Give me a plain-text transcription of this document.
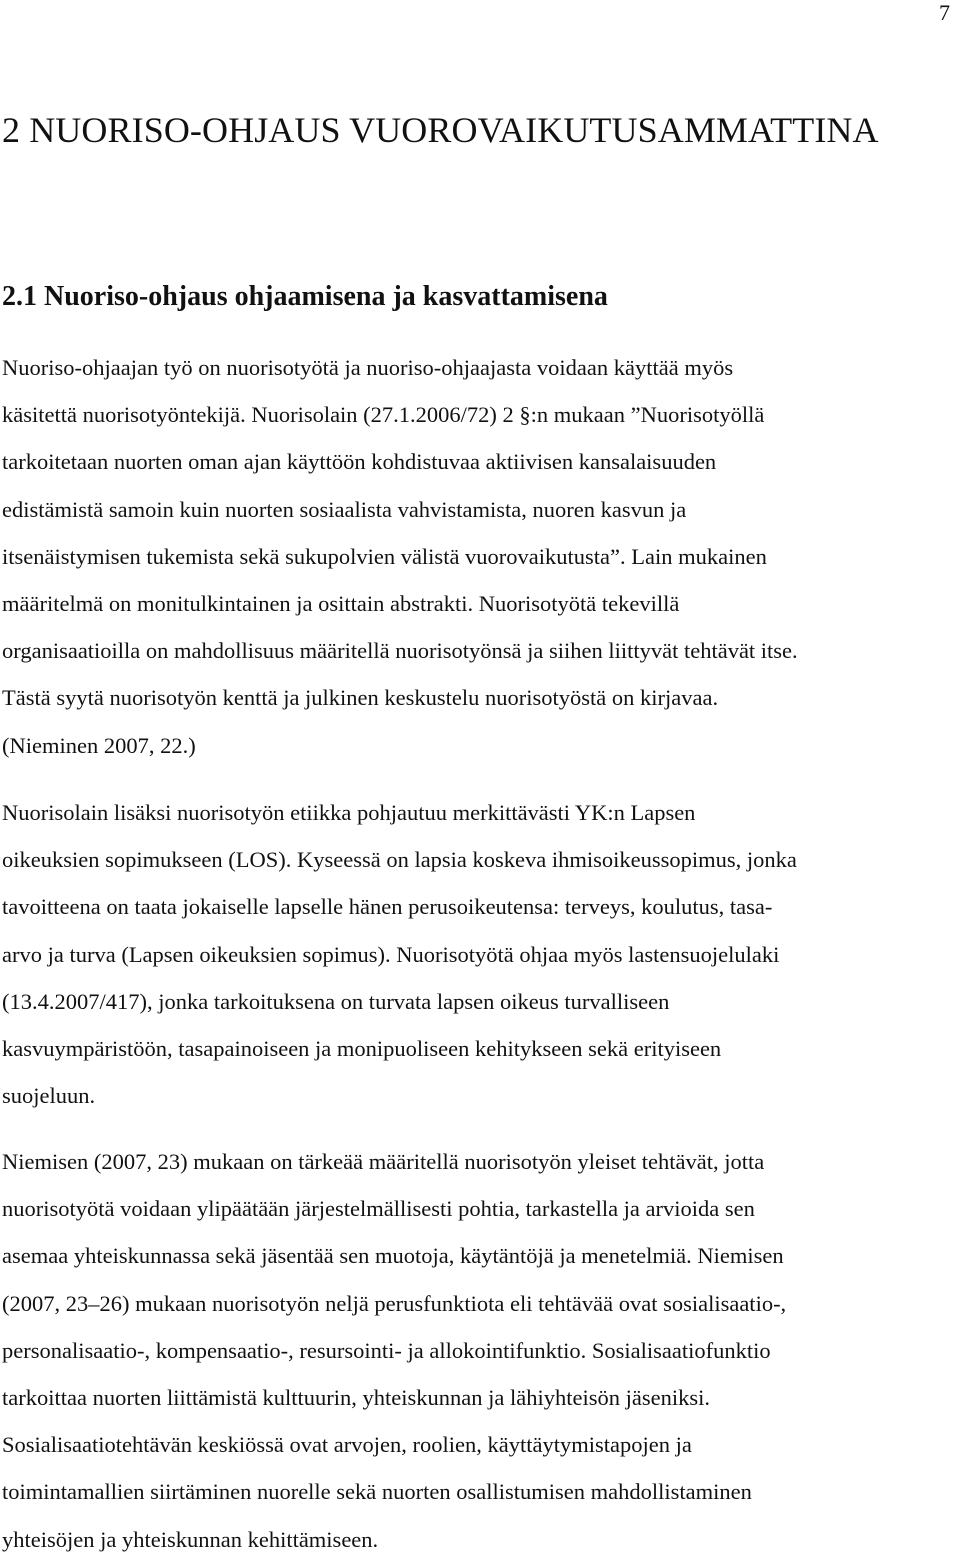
7
2 NUORISO-OHJAUS VUOROVAIKUTUSAMMATTINA
2.1 Nuoriso-ohjaus ohjaamisena ja kasvattamisena

Nuoriso-ohjaajan työ on nuorisotyötä ja nuoriso-ohjaajasta voidaan käyttää myös
käsitettä nuorisotyöntekijä. Nuorisolain (27.1.2006/72) 2 §:n mukaan ”Nuorisotyöllä
tarkoitetaan nuorten oman ajan käyttöön kohdistuvaa aktiivisen kansalaisuuden
edistämistä samoin kuin nuorten sosiaalista vahvistamista, nuoren kasvun ja
itsenäistymisen tukemista sekä sukupolvien välistä vuorovaikutusta”. Lain mukainen
määritelmä on monitulkintainen ja osittain abstrakti. Nuorisotyötä tekevillä
organisaatioilla on mahdollisuus määritellä nuorisotyönsä ja siihen liittyvät tehtävät itse.
Tästä syytä nuorisotyön kenttä ja julkinen keskustelu nuorisotyöstä on kirjavaa.
(Nieminen 2007, 22.)

Nuorisolain lisäksi nuorisotyön etiikka pohjautuu merkittävästi YK:n Lapsen
oikeuksien sopimukseen (LOS). Kyseessä on lapsia koskeva ihmisoikeussopimus, jonka
tavoitteena on taata jokaiselle lapselle hänen perusoikeutensa: terveys, koulutus, tasa-
arvo ja turva (Lapsen oikeuksien sopimus). Nuorisotyötä ohjaa myös lastensuojelulaki
(13.4.2007/417), jonka tarkoituksena on turvata lapsen oikeus turvalliseen
kasvuympäristöön, tasapainoiseen ja monipuoliseen kehitykseen sekä erityiseen
suojeluun.

Niemisen (2007, 23) mukaan on tärkeää määritellä nuorisotyön yleiset tehtävät, jotta
nuorisotyötä voidaan ylipäätään järjestelmällisesti pohtia, tarkastella ja arvioida sen
asemaa yhteiskunnassa sekä jäsentää sen muotoja, käytäntöjä ja menetelmiä. Niemisen
(2007, 23–26) mukaan nuorisotyön neljä perusfunktiota eli tehtävää ovat sosialisaatio-,
personalisaatio-, kompensaatio-, resursointi- ja allokointifunktio. Sosialisaatiofunktio
tarkoittaa nuorten liittämistä kulttuurin, yhteiskunnan ja lähiyhteisön jäseniksi.
Sosialisaatiotehtävän keskiössä ovat arvojen, roolien, käyttäytymistapojen ja
toimintamallien siirtäminen nuorelle sekä nuorten osallistumisen mahdollistaminen
yhteisöjen ja yhteiskunnan kehittämiseen.
